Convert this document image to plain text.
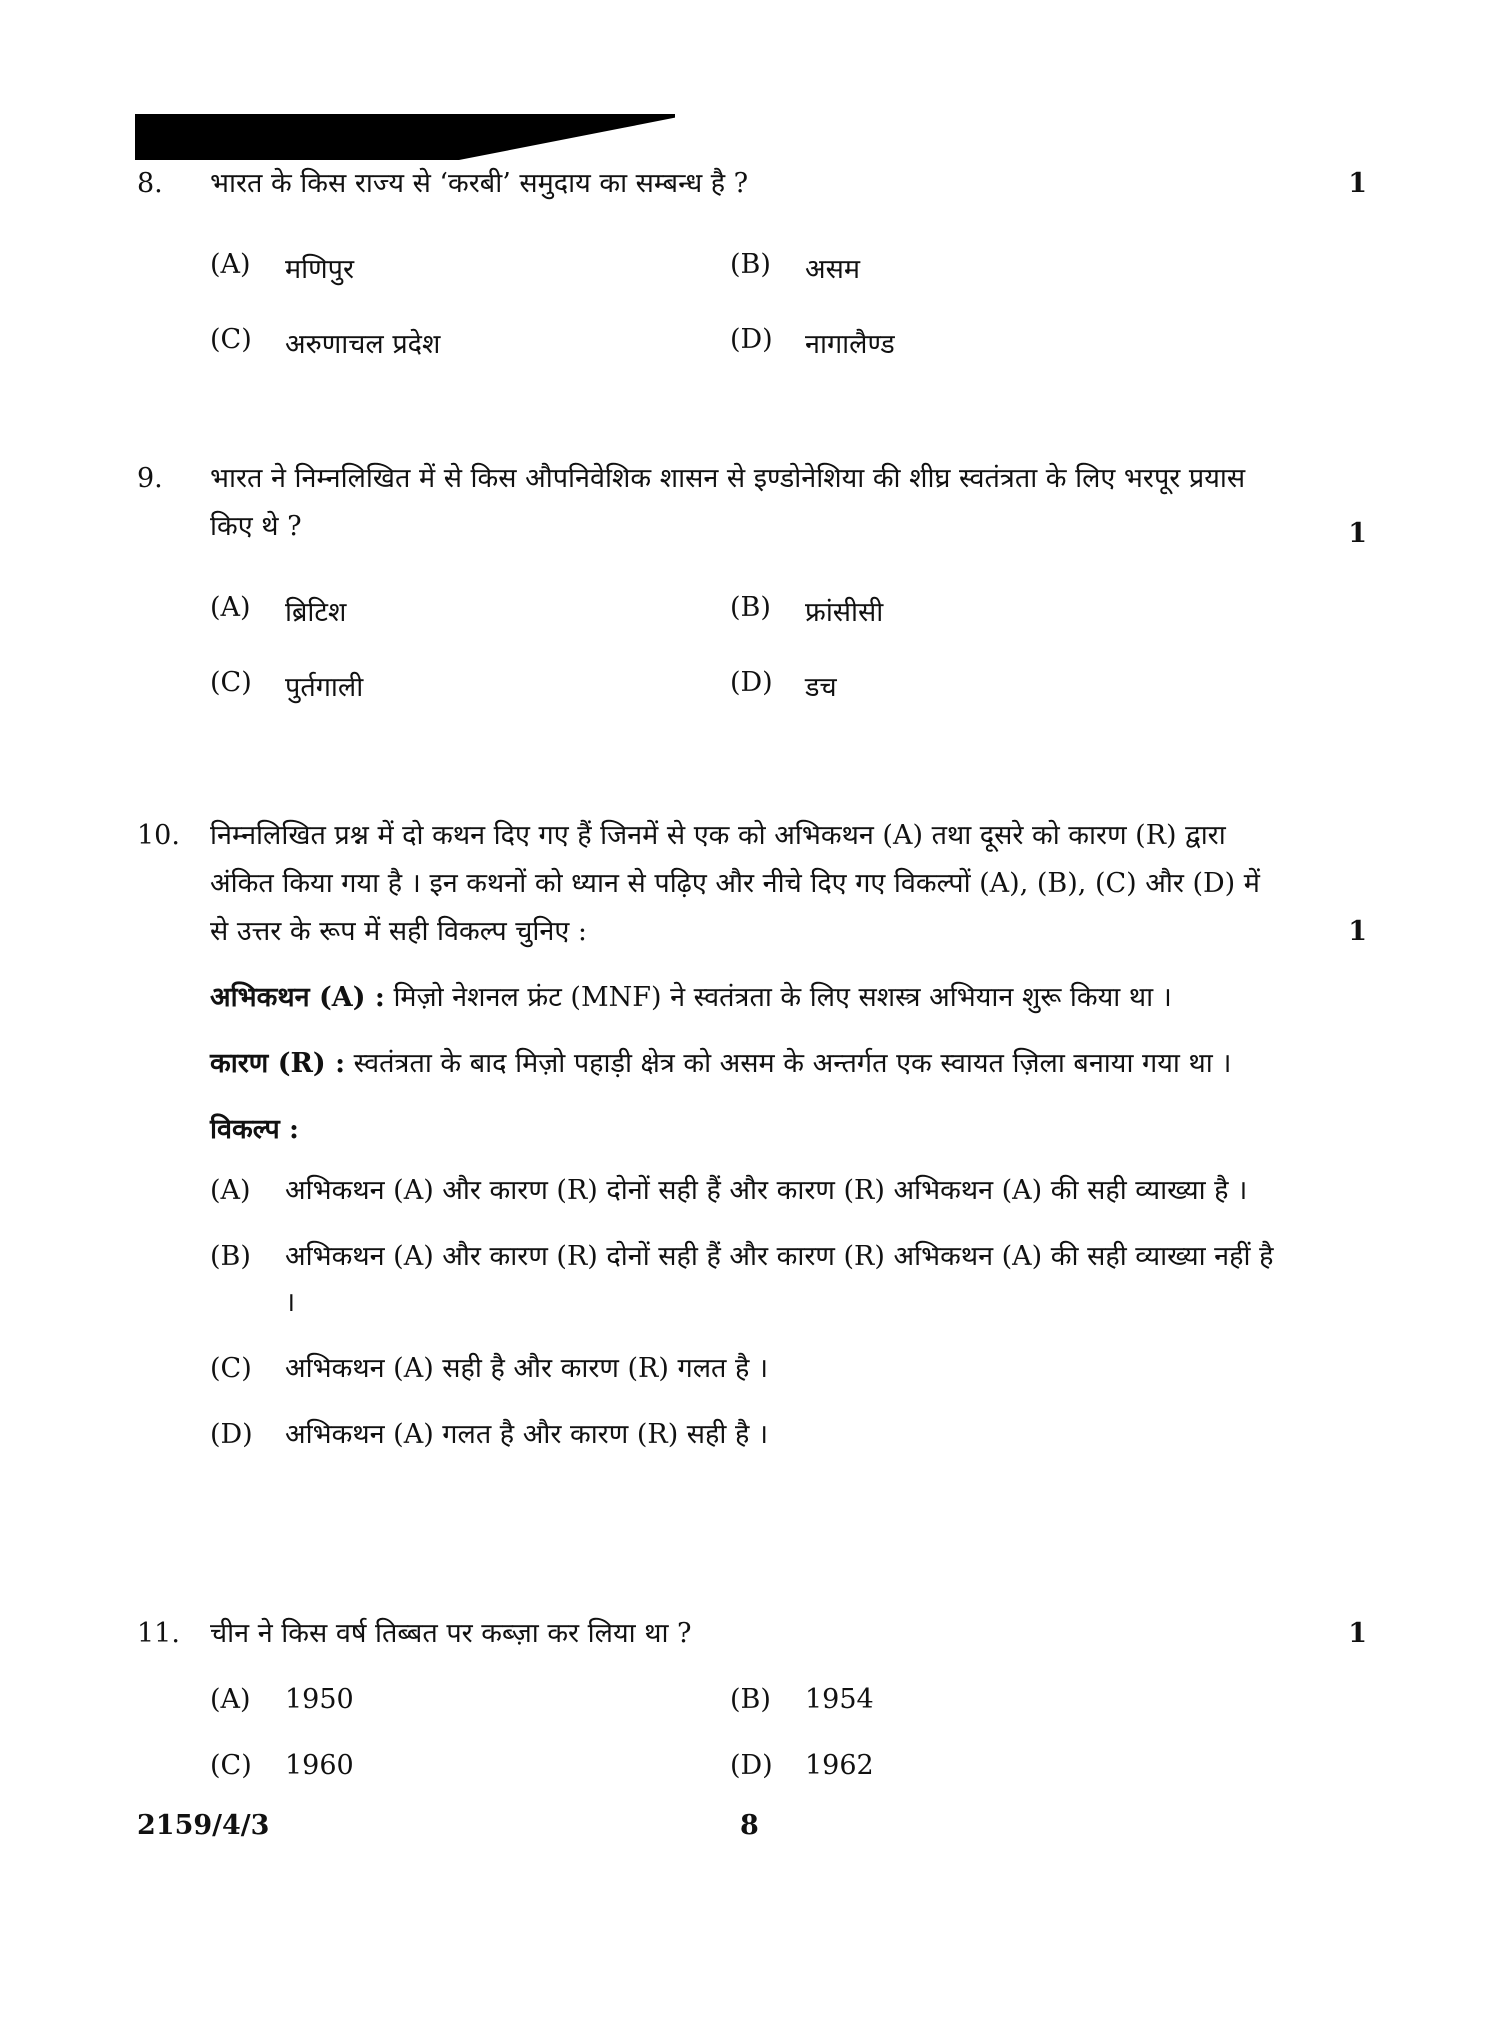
8.	भारत के किस राज्य से ‘करबी’ समुदाय का सम्बन्ध है ?	1
(A)	मणिपुर	(B)	असम
(C)	अरुणाचल प्रदेश	(D)	नागालैण्ड
9.	भारत ने निम्नलिखित में से किस औपनिवेशिक शासन से इण्डोनेशिया की शीघ्र स्वतंत्रता के लिए भरपूर प्रयास किए थे ?	1
(A)	ब्रिटिश	(B)	फ्रांसीसी
(C)	पुर्तगाली	(D)	डच
10.	निम्नलिखित प्रश्न में दो कथन दिए गए हैं जिनमें से एक को अभिकथन (A) तथा दूसरे को कारण (R) द्वारा अंकित किया गया है । इन कथनों को ध्यान से पढ़िए और नीचे दिए गए विकल्पों (A), (B), (C) और (D) में से उत्तर के रूप में सही विकल्प चुनिए :	1
अभिकथन (A) : मिज़ो नेशनल फ्रंट (MNF) ने स्वतंत्रता के लिए सशस्त्र अभियान शुरू किया था ।
कारण (R) : स्वतंत्रता के बाद मिज़ो पहाड़ी क्षेत्र को असम के अन्तर्गत एक स्वायत ज़िला बनाया गया था ।
विकल्प :
(A)	अभिकथन (A) और कारण (R) दोनों सही हैं और कारण (R) अभिकथन (A) की सही व्याख्या है ।
(B)	अभिकथन (A) और कारण (R) दोनों सही हैं और कारण (R) अभिकथन (A) की सही व्याख्या नहीं है ।
(C)	अभिकथन (A) सही है और कारण (R) गलत है ।
(D)	अभिकथन (A) गलत है और कारण (R) सही है ।
11.	चीन ने किस वर्ष तिब्बत पर कब्ज़ा कर लिया था ?	1
(A)	1950	(B)	1954
(C)	1960	(D)	1962
2159/4/3	8
